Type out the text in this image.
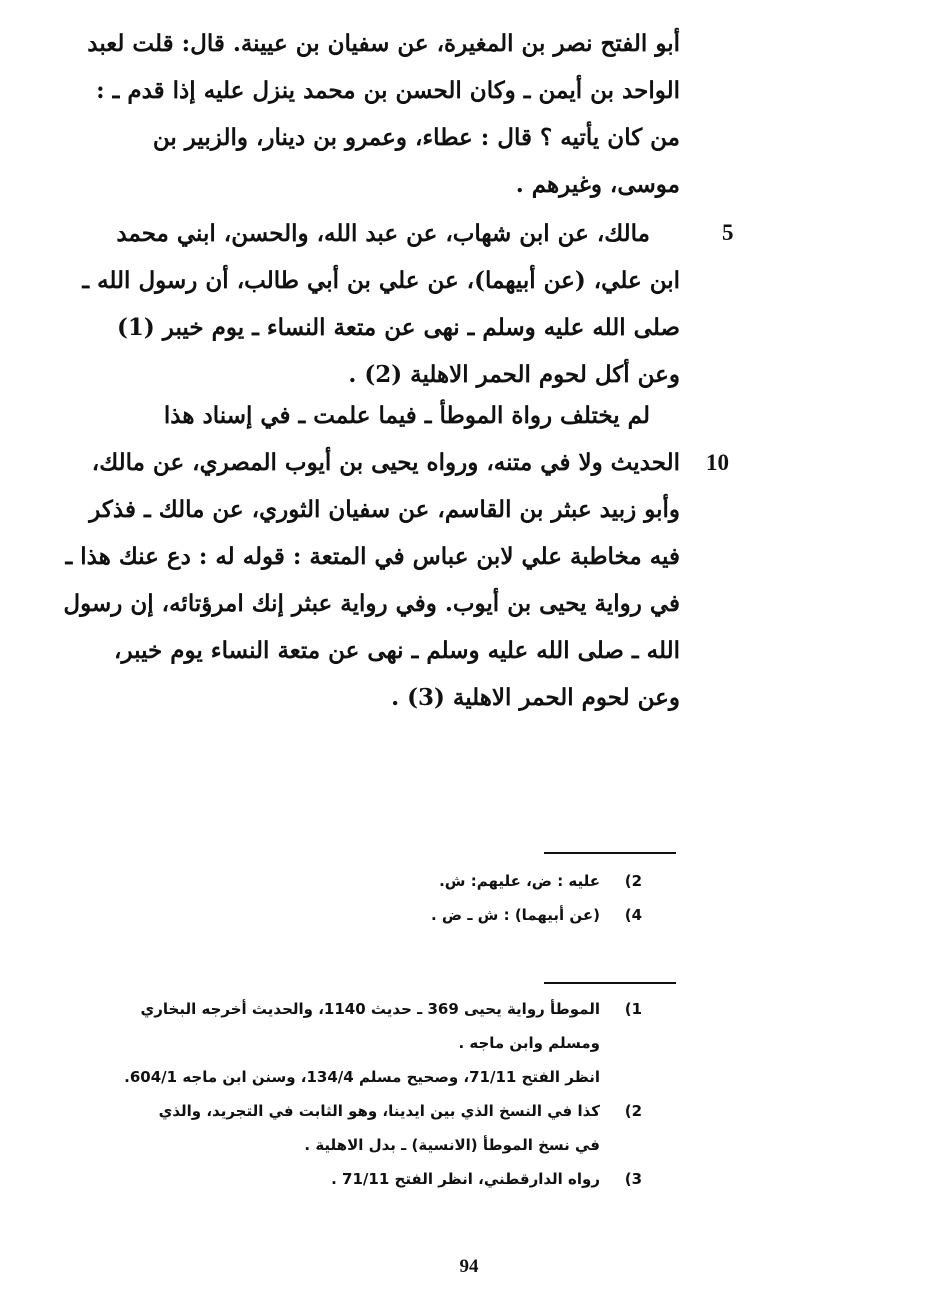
أبو الفتح نصر بن المغيرة، عن سفيان بن عيينة. قال: قلت لعبد
الواحد بن أيمن ـ وكان الحسن بن محمد ينزل عليه إذا قدم ـ :
من كان يأتيه ؟ قال : عطاء، وعمرو بن دينار، والزبير بن
موسى، وغيرهم .
5
مالك، عن ابن شهاب، عن عبد الله، والحسن، ابني محمد
ابن علي، (عن أبيهما)، عن علي بن أبي طالب، أن رسول الله ـ
صلى الله عليه وسلم ـ نهى عن متعة النساء ـ يوم خيبر (1)
وعن أكل لحوم الحمر الاهلية (2) .
10
لم يختلف رواة الموطأ ـ فيما علمت ـ في إسناد هذا
الحديث ولا في متنه، ورواه يحيى بن أيوب المصري، عن مالك،
وأبو زبيد عبثر بن القاسم، عن سفيان الثوري، عن مالك ـ فذكر
فيه مخاطبة علي لابن عباس في المتعة : قوله له : دع عنك هذا ـ
في رواية يحيى بن أيوب. وفي رواية عبثر إنك امرؤتائه، إن رسول
الله ـ صلى الله عليه وسلم ـ نهى عن متعة النساء يوم خيبر،
وعن لحوم الحمر الاهلية (3) .
2)عليه : ض، عليهم: ش.
4)(عن أبيهما) : ش ـ ض .
1)الموطأ رواية يحيى 369 ـ حديث 1140، والحديث أخرجه البخاري
ومسلم وابن ماجه .
انظر الفتح 71/11، وصحيح مسلم 134/4، وسنن ابن ماجه 604/1.
2)كذا في النسخ الذي بين ايدينا، وهو الثابت في التجريد، والذي
في نسخ الموطأ (الانسية) ـ بدل الاهلية .
3)رواه الدارقطني، انظر الفتح 71/11 .
94
